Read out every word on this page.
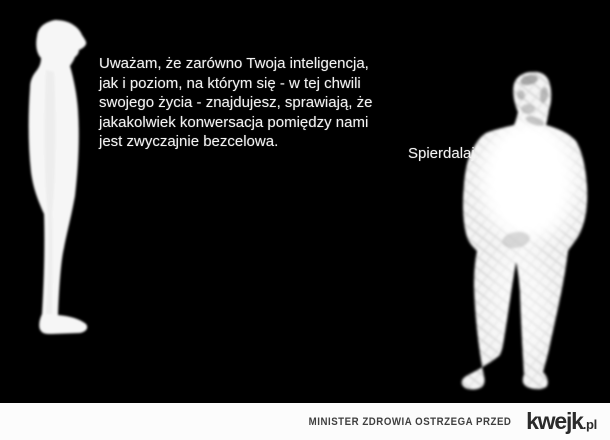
Uważam, że zarówno Twoja inteligencja,
jak i poziom, na którym się - w tej chwili
swojego życia - znajdujesz, sprawiają, że
jakakolwiek konwersacja pomiędzy nami
jest zwyczajnie bezcelowa.
Spierdalaj.
MINISTER ZDROWIA OSTRZEGA PRZED kwejk .pl
